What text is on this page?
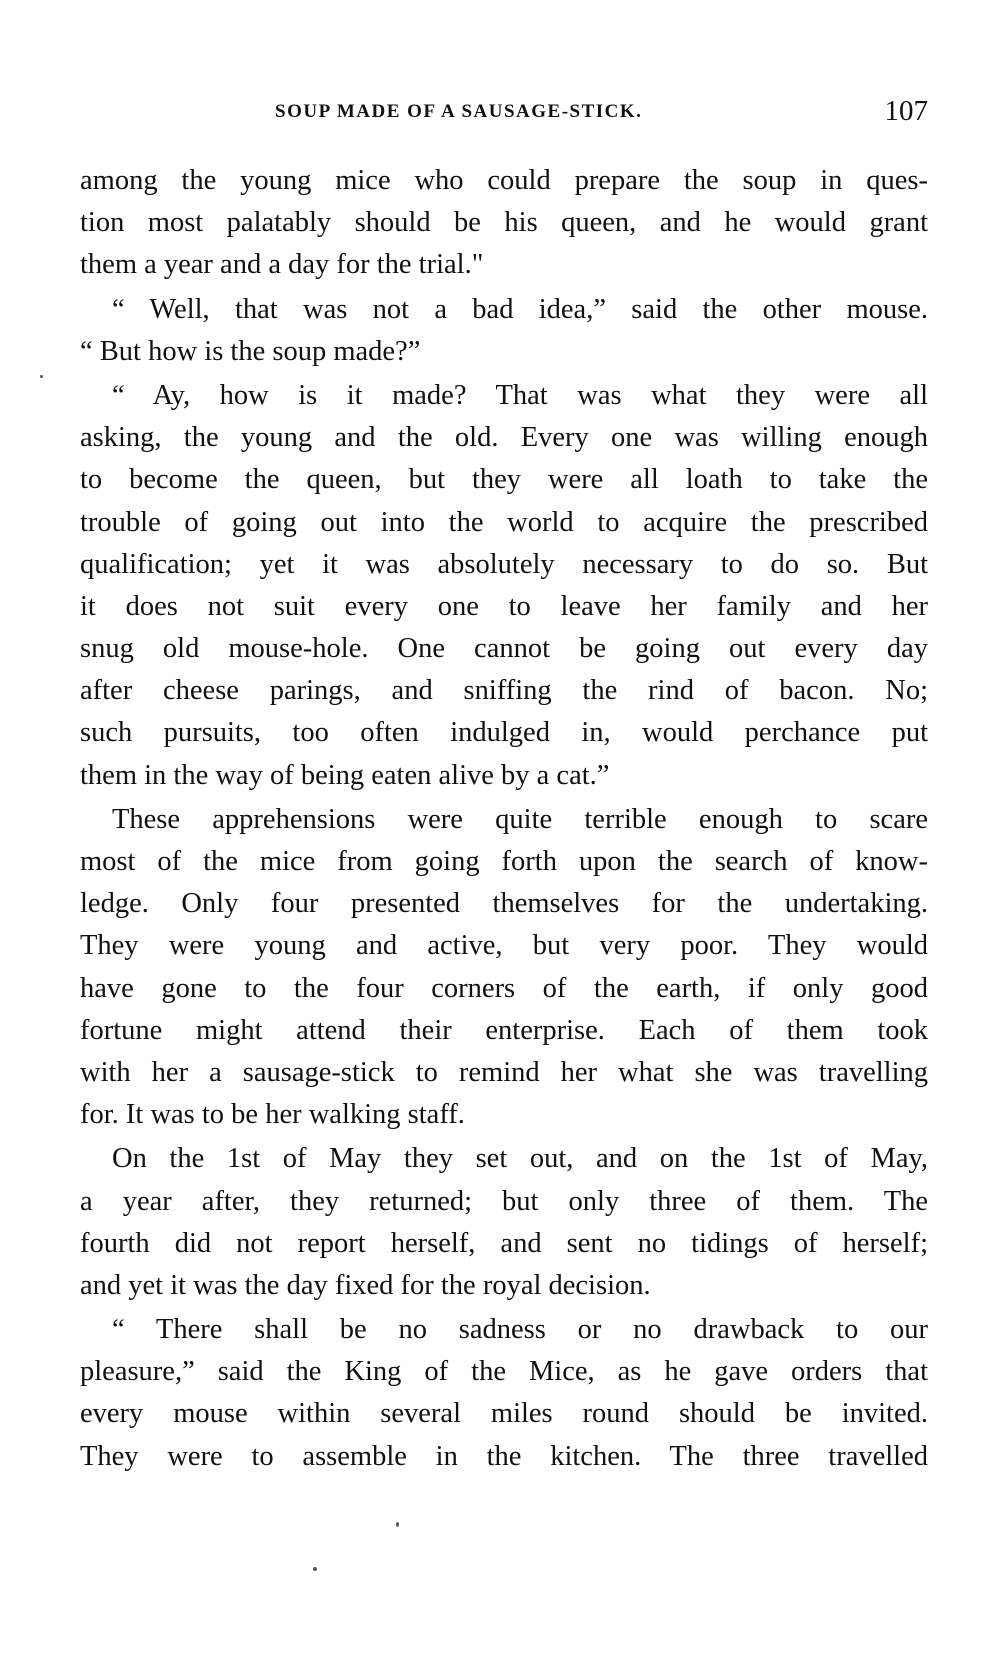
SOUP MADE OF A SAUSAGE-STICK.	107
among the young mice who could prepare the soup in ques-
tion most palatably should be his queen, and he would grant
them a year and a day for the trial."
“ Well, that was not a bad idea,” said the other mouse.
“ But how is the soup made?”
“ Ay, how is it made? That was what they were all
asking, the young and the old. Every one was willing enough
to become the queen, but they were all loath to take the
trouble of going out into the world to acquire the prescribed
qualification; yet it was absolutely necessary to do so. But
it does not suit every one to leave her family and her
snug old mouse-hole. One cannot be going out every day
after cheese parings, and sniffing the rind of bacon. No;
such pursuits, too often indulged in, would perchance put
them in the way of being eaten alive by a cat.”
These apprehensions were quite terrible enough to scare
most of the mice from going forth upon the search of know-
ledge. Only four presented themselves for the undertaking.
They were young and active, but very poor. They would
have gone to the four corners of the earth, if only good
fortune might attend their enterprise. Each of them took
with her a sausage-stick to remind her what she was travelling
for. It was to be her walking staff.
On the 1st of May they set out, and on the 1st of May,
a year after, they returned; but only three of them. The
fourth did not report herself, and sent no tidings of herself;
and yet it was the day fixed for the royal decision.
“ There shall be no sadness or no drawback to our
pleasure,” said the King of the Mice, as he gave orders that
every mouse within several miles round should be invited.
They were to assemble in the kitchen. The three travelled
